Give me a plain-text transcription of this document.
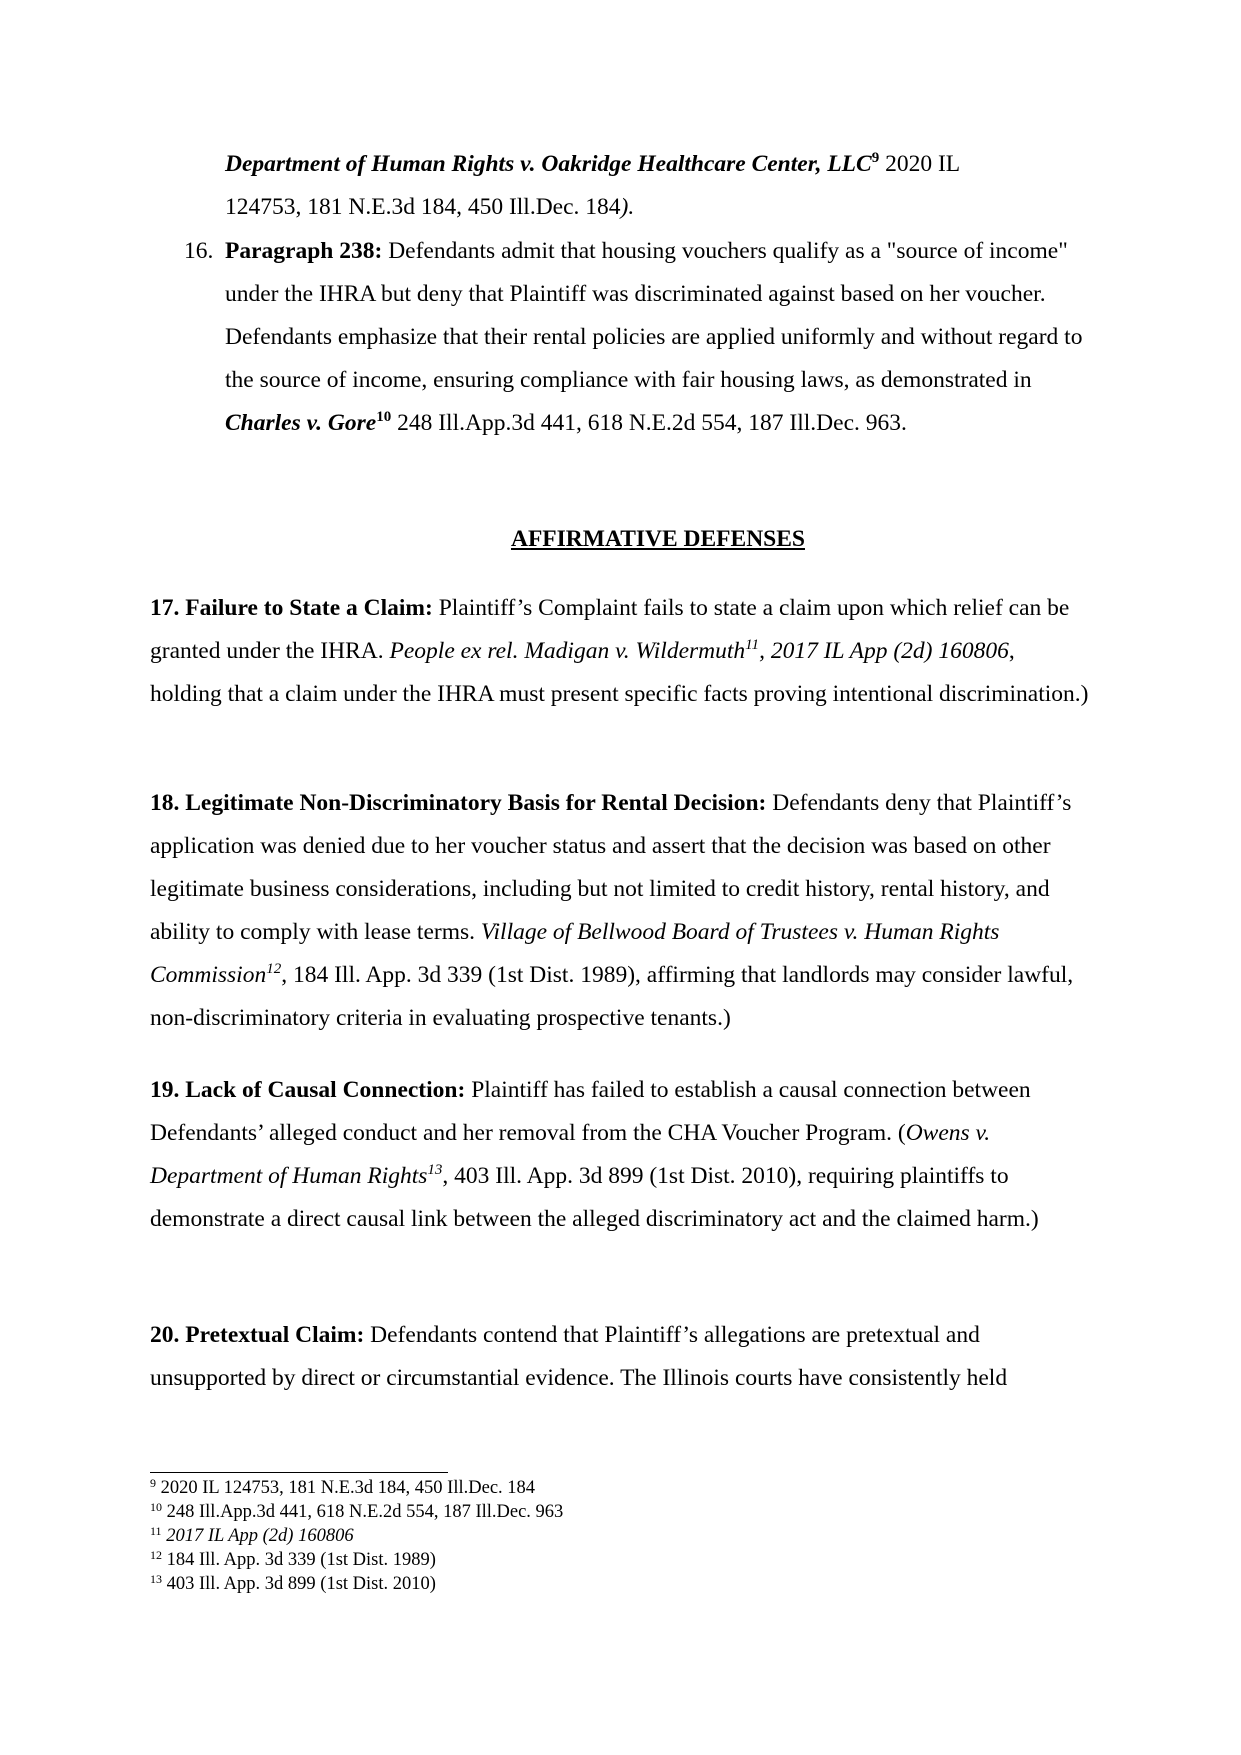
Department of Human Rights v. Oakridge Healthcare Center, LLC$^9$ 2020 IL
124753, 181 N.E.3d 184, 450 Ill.Dec. 184).
16. Paragraph 238: Defendants admit that housing vouchers qualify as a "source of income" under the IHRA but deny that Plaintiff was discriminated against based on her voucher. Defendants emphasize that their rental policies are applied uniformly and without regard to the source of income, ensuring compliance with fair housing laws, as demonstrated in Charles v. Gore$^{10}$ 248 Ill.App.3d 441, 618 N.E.2d 554, 187 Ill.Dec. 963.
AFFIRMATIVE DEFENSES
17. Failure to State a Claim: Plaintiff’s Complaint fails to state a claim upon which relief can be granted under the IHRA. People ex rel. Madigan v. Wildermuth$^{11}$, 2017 IL App (2d) 160806, holding that a claim under the IHRA must present specific facts proving intentional discrimination.)
18. Legitimate Non-Discriminatory Basis for Rental Decision: Defendants deny that Plaintiff’s application was denied due to her voucher status and assert that the decision was based on other legitimate business considerations, including but not limited to credit history, rental history, and ability to comply with lease terms. Village of Bellwood Board of Trustees v. Human Rights Commission$^{12}$, 184 Ill. App. 3d 339 (1st Dist. 1989), affirming that landlords may consider lawful, non-discriminatory criteria in evaluating prospective tenants.)
19. Lack of Causal Connection: Plaintiff has failed to establish a causal connection between Defendants’ alleged conduct and her removal from the CHA Voucher Program. (Owens v. Department of Human Rights$^{13}$, 403 Ill. App. 3d 899 (1st Dist. 2010), requiring plaintiffs to demonstrate a direct causal link between the alleged discriminatory act and the claimed harm.)
20. Pretextual Claim: Defendants contend that Plaintiff’s allegations are pretextual and unsupported by direct or circumstantial evidence. The Illinois courts have consistently held
$^9$ 2020 IL 124753, 181 N.E.3d 184, 450 Ill.Dec. 184
$^{10}$ 248 Ill.App.3d 441, 618 N.E.2d 554, 187 Ill.Dec. 963
$^{11}$ 2017 IL App (2d) 160806
$^{12}$ 184 Ill. App. 3d 339 (1st Dist. 1989)
$^{13}$ 403 Ill. App. 3d 899 (1st Dist. 2010)
